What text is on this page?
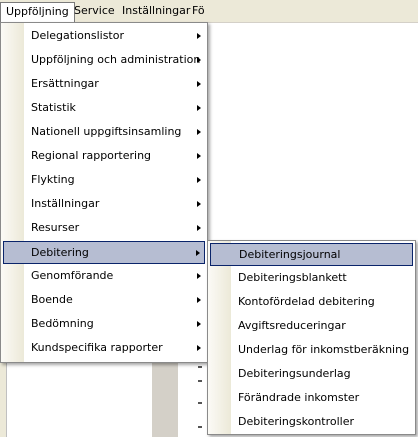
Uppföljning Service Inställningar Fö
Delegationslistor
Uppföljning och administration
Ersättningar
Statistik
Nationell uppgiftsinsamling
Regional rapportering
Flykting
Inställningar
Resurser
Debitering
Genomförande
Boende
Bedömning
Kundspecifika rapporter
Debiteringsjournal
Debiteringsblankett
Kontofördelad debitering
Avgiftsreduceringar
Underlag för inkomstberäkning
Debiteringsunderlag
Förändrade inkomster
Debiteringskontroller
